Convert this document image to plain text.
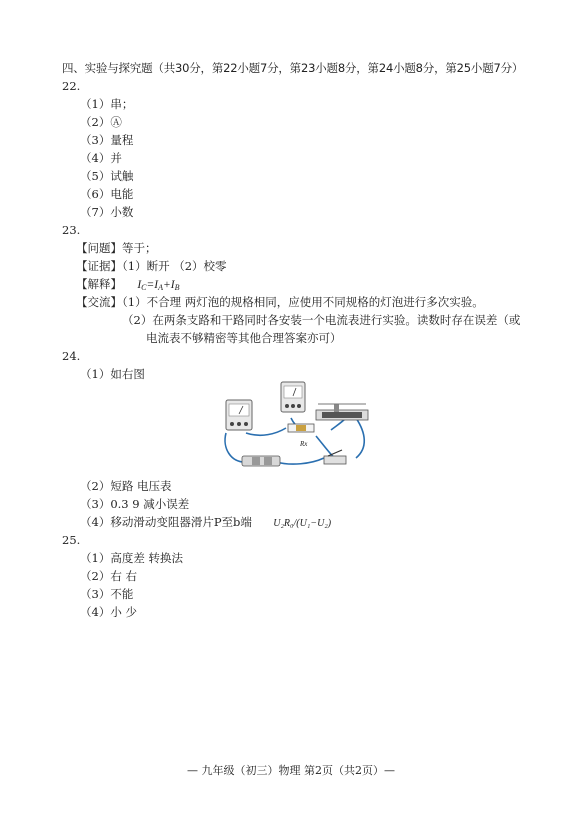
四、实验与探究题（共30分，第22小题7分，第23小题8分，第24小题8分，第25小题7分）
22.
（1）串；
（2）Ⓐ
（3）量程
（4）并
（5）试触
（6）电能
（7）小数
23.
【问题】等于；
【证据】（1）断开 （2）校零
【解释】 IC=IA+IB
【交流】（1）不合理 两灯泡的规格相同，应使用不同规格的灯泡进行多次实验。
（2）在两条支路和干路同时各安装一个电流表进行实验。读数时存在误差（或
电流表不够精密等其他合理答案亦可）
24.
（1）如右图
Rx
（2）短路 电压表
（3）0.3 9 减小误差
（4）移动滑动变阻器滑片P至b端 U₂R₀/(U₁−U₂)
25.
（1）高度差 转换法
（2）右 右
（3）不能
（4）小 少
— 九年级（初三）物理 第2页（共2页）—
